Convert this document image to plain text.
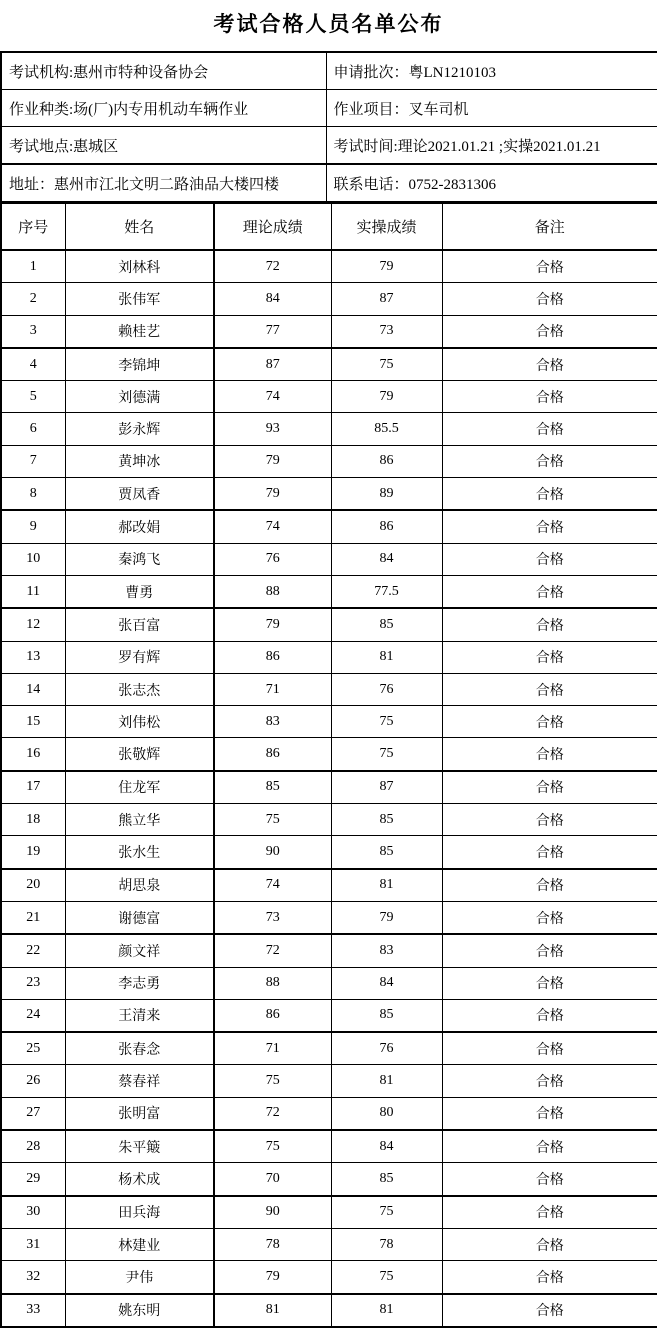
考试合格人员名单公布
考试机构:惠州市特种设备协会	申请批次：粤LN1210103
作业种类:场(厂)内专用机动车辆作业	作业项目：叉车司机
考试地点:惠城区	考试时间:理论2021.01.21 ;实操2021.01.21
地址：惠州市江北文明二路油品大楼四楼	联系电话：0752-2831306
序号	姓名	理论成绩	实操成绩	备注
1	刘林科	72	79	合格
2	张伟军	84	87	合格
3	赖桂艺	77	73	合格
4	李锦坤	87	75	合格
5	刘德满	74	79	合格
6	彭永辉	93	85.5	合格
7	黄坤冰	79	86	合格
8	贾凤香	79	89	合格
9	郝改娟	74	86	合格
10	秦鸿飞	76	84	合格
11	曹勇	88	77.5	合格
12	张百富	79	85	合格
13	罗有辉	86	81	合格
14	张志杰	71	76	合格
15	刘伟松	83	75	合格
16	张敬辉	86	75	合格
17	住龙军	85	87	合格
18	熊立华	75	85	合格
19	张水生	90	85	合格
20	胡思泉	74	81	合格
21	谢德富	73	79	合格
22	颜文祥	72	83	合格
23	李志勇	88	84	合格
24	王清来	86	85	合格
25	张春念	71	76	合格
26	蔡春祥	75	81	合格
27	张明富	72	80	合格
28	朱平簸	75	84	合格
29	杨术成	70	85	合格
30	田兵海	90	75	合格
31	林建业	78	78	合格
32	尹伟	79	75	合格
33	姚东明	81	81	合格
